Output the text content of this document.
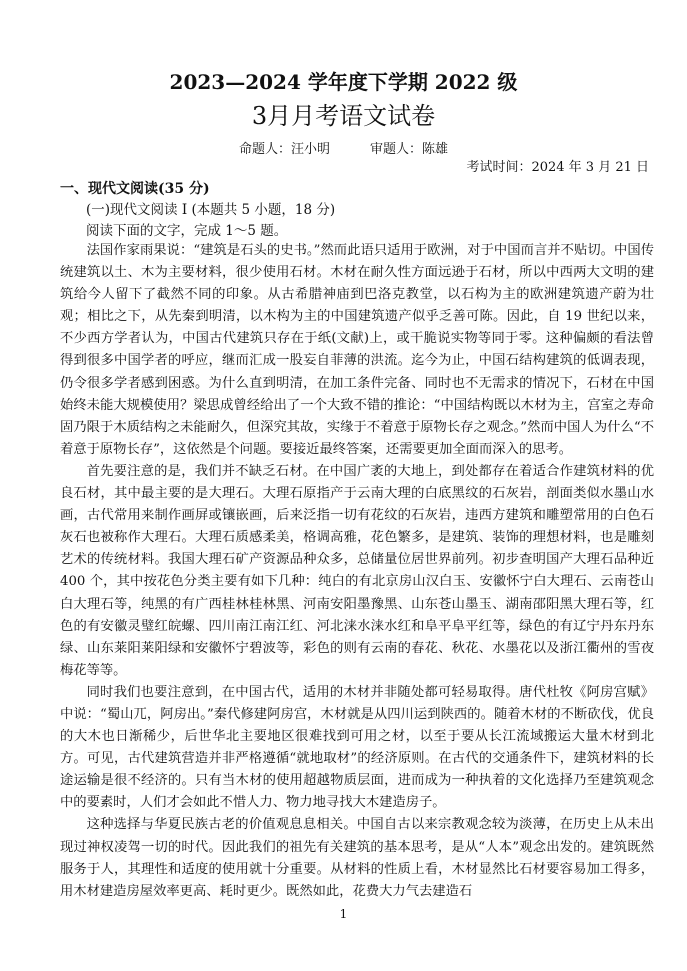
2023—2024 学年度下学期 2022 级
3月月考语文试卷
命题人：汪小明	审题人：陈雄
考试时间：2024 年 3 月 21 日
一、现代文阅读(35 分)
(一)现代文阅读 I (本题共 5 小题，18 分)
阅读下面的文字，完成 1～5 题。

法国作家雨果说：“建筑是石头的史书。”然而此语只适用于欧洲，对于中国而言并不贴切。中国传统建筑以土、木为主要材料，很少使用石材。木材在耐久性方面远逊于石材，所以中西两大文明的建筑给今人留下了截然不同的印象。从古希腊神庙到巴洛克教堂，以石构为主的欧洲建筑遗产蔚为壮观；相比之下，从先秦到明清，以木构为主的中国建筑遗产似乎乏善可陈。因此，自 19 世纪以来，不少西方学者认为，中国古代建筑只存在于纸(文献)上，或干脆说实物等同于零。这种偏颇的看法曾得到很多中国学者的呼应，继而汇成一股妄自菲薄的洪流。迄今为止，中国石结构建筑的低调表现，仍令很多学者感到困惑。为什么直到明清，在加工条件完备、同时也不无需求的情况下，石材在中国始终未能大规模使用？梁思成曾经给出了一个大致不错的推论：“中国结构既以木材为主，宫室之寿命固乃限于木质结构之未能耐久，但深究其故，实缘于不着意于原物长存之观念。”然而中国人为什么“不着意于原物长存”，这依然是个问题。要接近最终答案，还需要更加全面而深入的思考。

首先要注意的是，我们并不缺乏石材。在中国广袤的大地上，到处都存在着适合作建筑材料的优良石材，其中最主要的是大理石。大理石原指产于云南大理的白底黑纹的石灰岩，剖面类似水墨山水画，古代常用来制作画屏或镶嵌画，后来泛指一切有花纹的石灰岩，违西方建筑和雕塑常用的白色石灰石也被称作大理石。大理石质感柔美，格调高雅，花色繁多，是建筑、装饰的理想材料，也是雕刻艺术的传统材料。我国大理石矿产资源品种众多，总储量位居世界前列。初步查明国产大理石品种近 400 个，其中按花色分类主要有如下几种：纯白的有北京房山汉白玉、安徽怀宁白大理石、云南苍山白大理石等，纯黑的有广西桂林桂林黑、河南安阳墨豫黑、山东苍山墨玉、湖南邵阳黑大理石等，红色的有安徽灵璧红皖螺、四川南江南江红、河北涞水涞水红和阜平阜平红等，绿色的有辽宁丹东丹东绿、山东莱阳莱阳绿和安徽怀宁碧波等，彩色的则有云南的春花、秋花、水墨花以及浙江衢州的雪夜梅花等等。

同时我们也要注意到，在中国古代，适用的木材并非随处都可轻易取得。唐代杜牧《阿房宫赋》中说：“蜀山兀，阿房出。”秦代修建阿房宫，木材就是从四川运到陕西的。随着木材的不断砍伐，优良的大木也日渐稀少，后世华北主要地区很难找到可用之材，以至于要从长江流域搬运大量木材到北方。可见，古代建筑营造并非严格遵循“就地取材”的经济原则。在古代的交通条件下，建筑材料的长途运输是很不经济的。只有当木材的使用超越物质层面，进而成为一种执着的文化选择乃至建筑观念中的要素时，人们才会如此不惜人力、物力地寻找大木建造房子。

这种选择与华夏民族古老的价值观息息相关。中国自古以来宗教观念较为淡薄，在历史上从未出现过神权凌驾一切的时代。因此我们的祖先有关建筑的基本思考，是从“人本”观念出发的。建筑既然服务于人，其理性和适度的使用就十分重要。从材料的性质上看，木材显然比石材要容易加工得多，用木材建造房屋效率更高、耗时更少。既然如此，花费大力气去建造石

1
